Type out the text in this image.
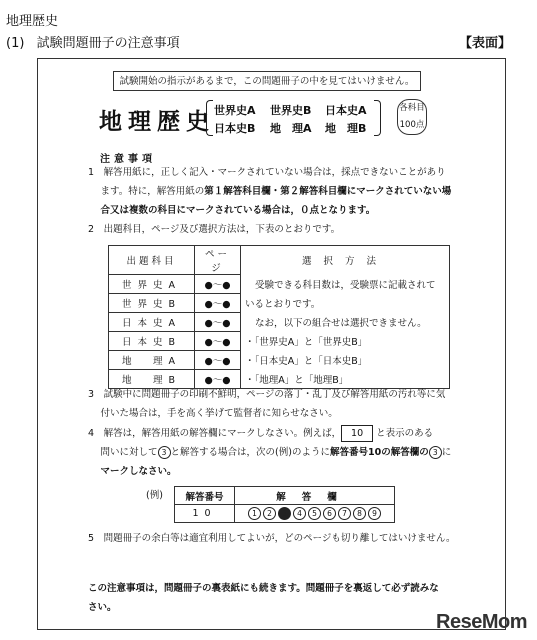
地理歴史
(1) 試験問題冊子の注意事項	【表面】
試験開始の指示があるまで，この問題冊子の中を見てはいけません。
地理歴史 世界史A 世界史B 日本史A
日本史B 地　理A 地　理B
各科目
100点
注意事項
1　 解答用紙に，正しく記入・マークされていない場合は，採点できないことがあり
　 ます。特に，解答用紙の第１解答科目欄・第２解答科目欄にマークされていない場
　 合又は複数の科目にマークされている場合は，０点となります。
2　 出題科目，ページ及び選択方法は，下表のとおりです。
出題科目	ページ	選択方法
世界史A	●〜●	受験できる科目数は，受験票に記載されて
世界史B	●〜●	いるとおりです。
日本史A	●〜●	なお，以下の組合せは選択できません。
日本史B	●〜●	・「世界史A」と「世界史B」
地　理A	●〜●	・「日本史A」と「日本史B」
地　理B	●〜●	・「地理A」と「地理B」
3　 試験中に問題冊子の印刷不鮮明，ページの落丁・乱丁及び解答用紙の汚れ等に気
　 付いた場合は，手を高く挙げて監督者に知らせなさい。
4　 解答は，解答用紙の解答欄にマークしなさい。例えば， 10 と表示のある
　 問いに対して 3 と解答する場合は，次の(例)のように解答番号10の解答欄の 3 に
　 マークしなさい。
(例) 解答番号	解答欄
10	1 2 3 4 5 6 7 8 9
5　 問題冊子の余白等は適宜利用してよいが，どのページも切り離してはいけません。
この注意事項は，問題冊子の裏表紙にも続きます。問題冊子を裏返して必ず読みな
さい。
ReseMom
